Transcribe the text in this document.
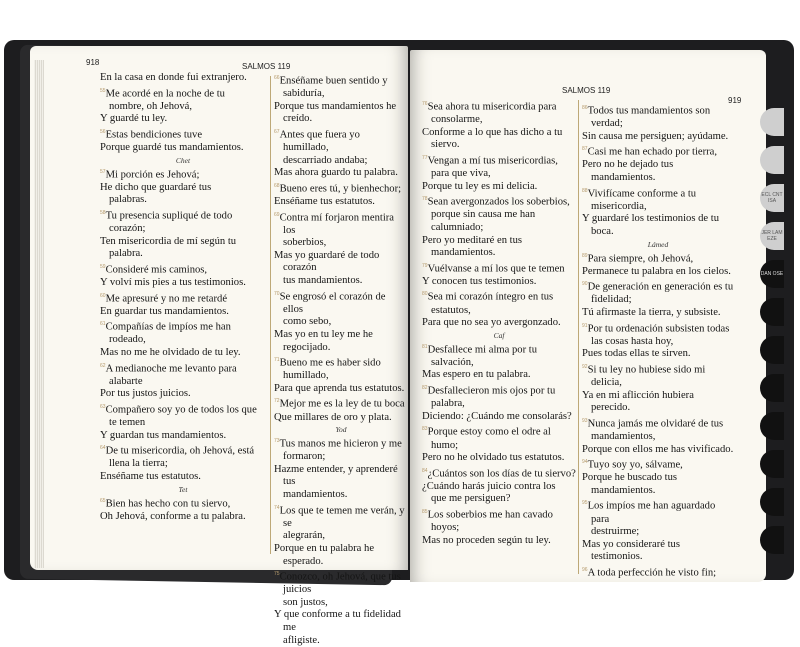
918	SALMOS 119
En la casa en donde fui extranjero.
$^{55}$Me acordé en la noche de tu
nombre, oh Jehová,
Y guardé tu ley.
$^{56}$Estas bendiciones tuve
Porque guardé tus mandamientos.
Chet
$^{57}$Mi porción es Jehová;
He dicho que guardaré tus
palabras.
$^{58}$Tu presencia supliqué de todo
corazón;
Ten misericordia de mí según tu
palabra.
$^{59}$Consideré mis caminos,
Y volví mis pies a tus testimonios.
$^{60}$Me apresuré y no me retardé
En guardar tus mandamientos.
$^{61}$Compañías de impíos me han
rodeado,
Mas no me he olvidado de tu ley.
$^{62}$A medianoche me levanto para
alabarte
Por tus justos juicios.
$^{63}$Compañero soy yo de todos los que
te temen
Y guardan tus mandamientos.
$^{64}$De tu misericordia, oh Jehová, está
llena la tierra;
Enséñame tus estatutos.
Tet
$^{65}$Bien has hecho con tu siervo,
Oh Jehová, conforme a tu palabra.
$^{66}$Enséñame buen sentido y
sabiduría,
Porque tus mandamientos he
creído.
$^{67}$Antes que fuera yo humillado,
descarriado andaba;
Mas ahora guardo tu palabra.
$^{68}$Bueno eres tú, y bienhechor;
Enséñame tus estatutos.
$^{69}$Contra mí forjaron mentira los
soberbios,
Mas yo guardaré de todo corazón
tus mandamientos.
$^{70}$Se engrosó el corazón de ellos
como sebo,
Mas yo en tu ley me he regocijado.
$^{71}$Bueno me es haber sido
humillado,
Para que aprenda tus estatutos.
$^{72}$Mejor me es la ley de tu boca
Que millares de oro y plata.
Yod
$^{73}$Tus manos me hicieron y me
formaron;
Hazme entender, y aprenderé tus
mandamientos.
$^{74}$Los que te temen me verán, y se
alegrarán,
Porque en tu palabra he esperado.
$^{75}$Conozco, oh Jehová, que tus juicios
son justos,
Y que conforme a tu fidelidad me
afligiste.
919
SALMOS 119
$^{76}$Sea ahora tu misericordia para
consolarme,
Conforme a lo que has dicho a tu
siervo.
$^{77}$Vengan a mí tus misericordias,
para que viva,
Porque tu ley es mi delicia.
$^{78}$Sean avergonzados los soberbios,
porque sin causa me han
calumniado;
Pero yo meditaré en tus
mandamientos.
$^{79}$Vuélvanse a mí los que te temen
Y conocen tus testimonios.
$^{80}$Sea mi corazón íntegro en tus
estatutos,
Para que no sea yo avergonzado.
Caf
$^{81}$Desfallece mi alma por tu
salvación,
Mas espero en tu palabra.
$^{82}$Desfallecieron mis ojos por tu
palabra,
Diciendo: ¿Cuándo me consolarás?
$^{83}$Porque estoy como el odre al
humo;
Pero no he olvidado tus estatutos.
$^{84}$¿Cuántos son los días de tu siervo?
¿Cuándo harás juicio contra los
que me persiguen?
$^{85}$Los soberbios me han cavado
hoyos;
Mas no proceden según tu ley.
$^{86}$Todos tus mandamientos son
verdad;
Sin causa me persiguen; ayúdame.
$^{87}$Casi me han echado por tierra,
Pero no he dejado tus
mandamientos.
$^{88}$Vivifícame conforme a tu
misericordia,
Y guardaré los testimonios de tu
boca.
Lámed
$^{89}$Para siempre, oh Jehová,
Permanece tu palabra en los cielos.
$^{90}$De generación en generación es tu
fidelidad;
Tú afirmaste la tierra, y subsiste.
$^{91}$Por tu ordenación subsisten todas
las cosas hasta hoy,
Pues todas ellas te sirven.
$^{92}$Si tu ley no hubiese sido mi delicia,
Ya en mi aflicción hubiera
perecido.
$^{93}$Nunca jamás me olvidaré de tus
mandamientos,
Porque con ellos me has vivificado.
$^{94}$Tuyo soy yo, sálvame,
Porque he buscado tus
mandamientos.
$^{95}$Los impíos me han aguardado para
destruirme;
Mas yo consideraré tus
testimonios.
$^{96}$A toda perfección he visto fin;
ECL CNT ISA
JER LAM EZE
DAN OSE
